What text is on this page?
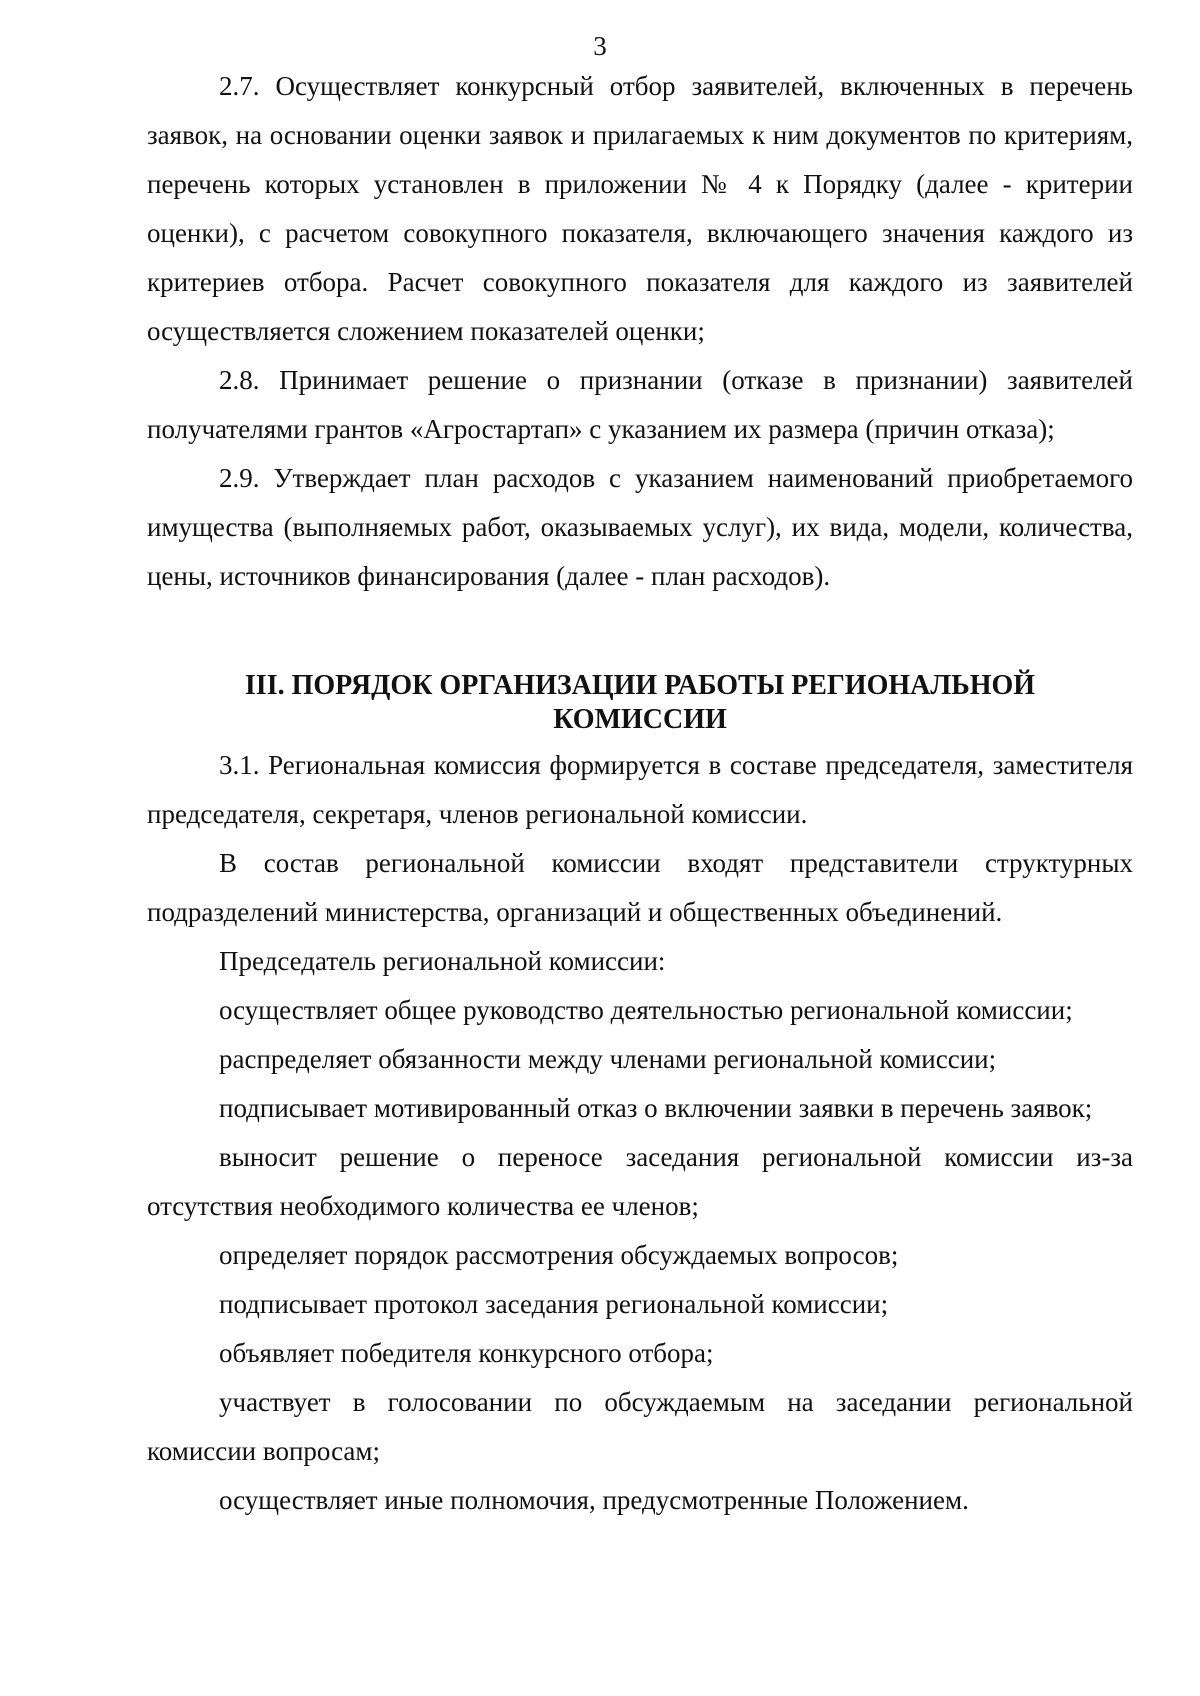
3

2.7. Осуществляет конкурсный отбор заявителей, включенных в перечень заявок, на основании оценки заявок и прилагаемых к ним документов по критериям, перечень которых установлен в приложении № 4 к Порядку (далее - критерии оценки), с расчетом совокупного показателя, включающего значения каждого из критериев отбора. Расчет совокупного показателя для каждого из заявителей осуществляется сложением показателей оценки;

2.8. Принимает решение о признании (отказе в признании) заявителей получателями грантов «Агростартап» с указанием их размера (причин отказа);

2.9. Утверждает план расходов с указанием наименований приобретаемого имущества (выполняемых работ, оказываемых услуг), их вида, модели, количества, цены, источников финансирования (далее - план расходов).

III. ПОРЯДОК ОРГАНИЗАЦИИ РАБОТЫ РЕГИОНАЛЬНОЙ
КОМИССИИ

3.1. Региональная комиссия формируется в составе председателя, заместителя председателя, секретаря, членов региональной комиссии.

В состав региональной комиссии входят представители структурных подразделений министерства, организаций и общественных объединений.

Председатель региональной комиссии:

осуществляет общее руководство деятельностью региональной комиссии;

распределяет обязанности между членами региональной комиссии;

подписывает мотивированный отказ о включении заявки в перечень заявок;

выносит решение о переносе заседания региональной комиссии из-за отсутствия необходимого количества ее членов;

определяет порядок рассмотрения обсуждаемых вопросов;

подписывает протокол заседания региональной комиссии;

объявляет победителя конкурсного отбора;

участвует в голосовании по обсуждаемым на заседании региональной комиссии вопросам;

осуществляет иные полномочия, предусмотренные Положением.
